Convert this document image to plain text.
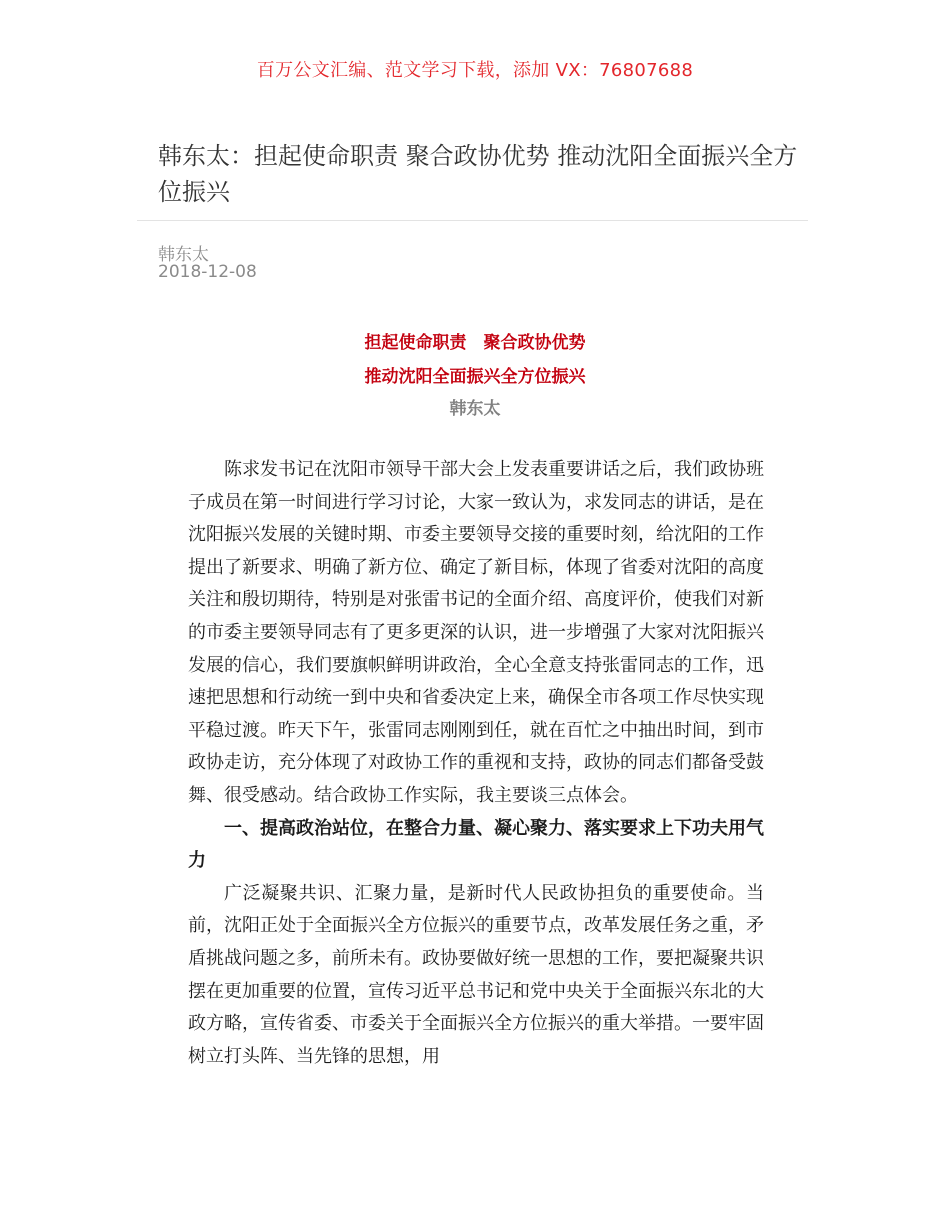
百万公文汇编、范文学习下载，添加 VX：76807688
韩东太：担起使命职责 聚合政协优势 推动沈阳全面振兴全方位振兴
韩东太
2018-12-08
担起使命职责　聚合政协优势
推动沈阳全面振兴全方位振兴
韩东太

陈求发书记在沈阳市领导干部大会上发表重要讲话之后，我们政协班子成员在第一时间进行学习讨论，大家一致认为，求发同志的讲话，是在沈阳振兴发展的关键时期、市委主要领导交接的重要时刻，给沈阳的工作提出了新要求、明确了新方位、确定了新目标，体现了省委对沈阳的高度关注和殷切期待，特别是对张雷书记的全面介绍、高度评价，使我们对新的市委主要领导同志有了更多更深的认识，进一步增强了大家对沈阳振兴发展的信心，我们要旗帜鲜明讲政治，全心全意支持张雷同志的工作，迅速把思想和行动统一到中央和省委决定上来，确保全市各项工作尽快实现平稳过渡。昨天下午，张雷同志刚刚到任，就在百忙之中抽出时间，到市政协走访，充分体现了对政协工作的重视和支持，政协的同志们都备受鼓舞、很受感动。结合政协工作实际，我主要谈三点体会。

一、提高政治站位，在整合力量、凝心聚力、落实要求上下功夫用气力

广泛凝聚共识、汇聚力量，是新时代人民政协担负的重要使命。当前，沈阳正处于全面振兴全方位振兴的重要节点，改革发展任务之重，矛盾挑战问题之多，前所未有。政协要做好统一思想的工作，要把凝聚共识摆在更加重要的位置，宣传习近平总书记和党中央关于全面振兴东北的大政方略，宣传省委、市委关于全面振兴全方位振兴的重大举措。一要牢固树立打头阵、当先锋的思想，用
